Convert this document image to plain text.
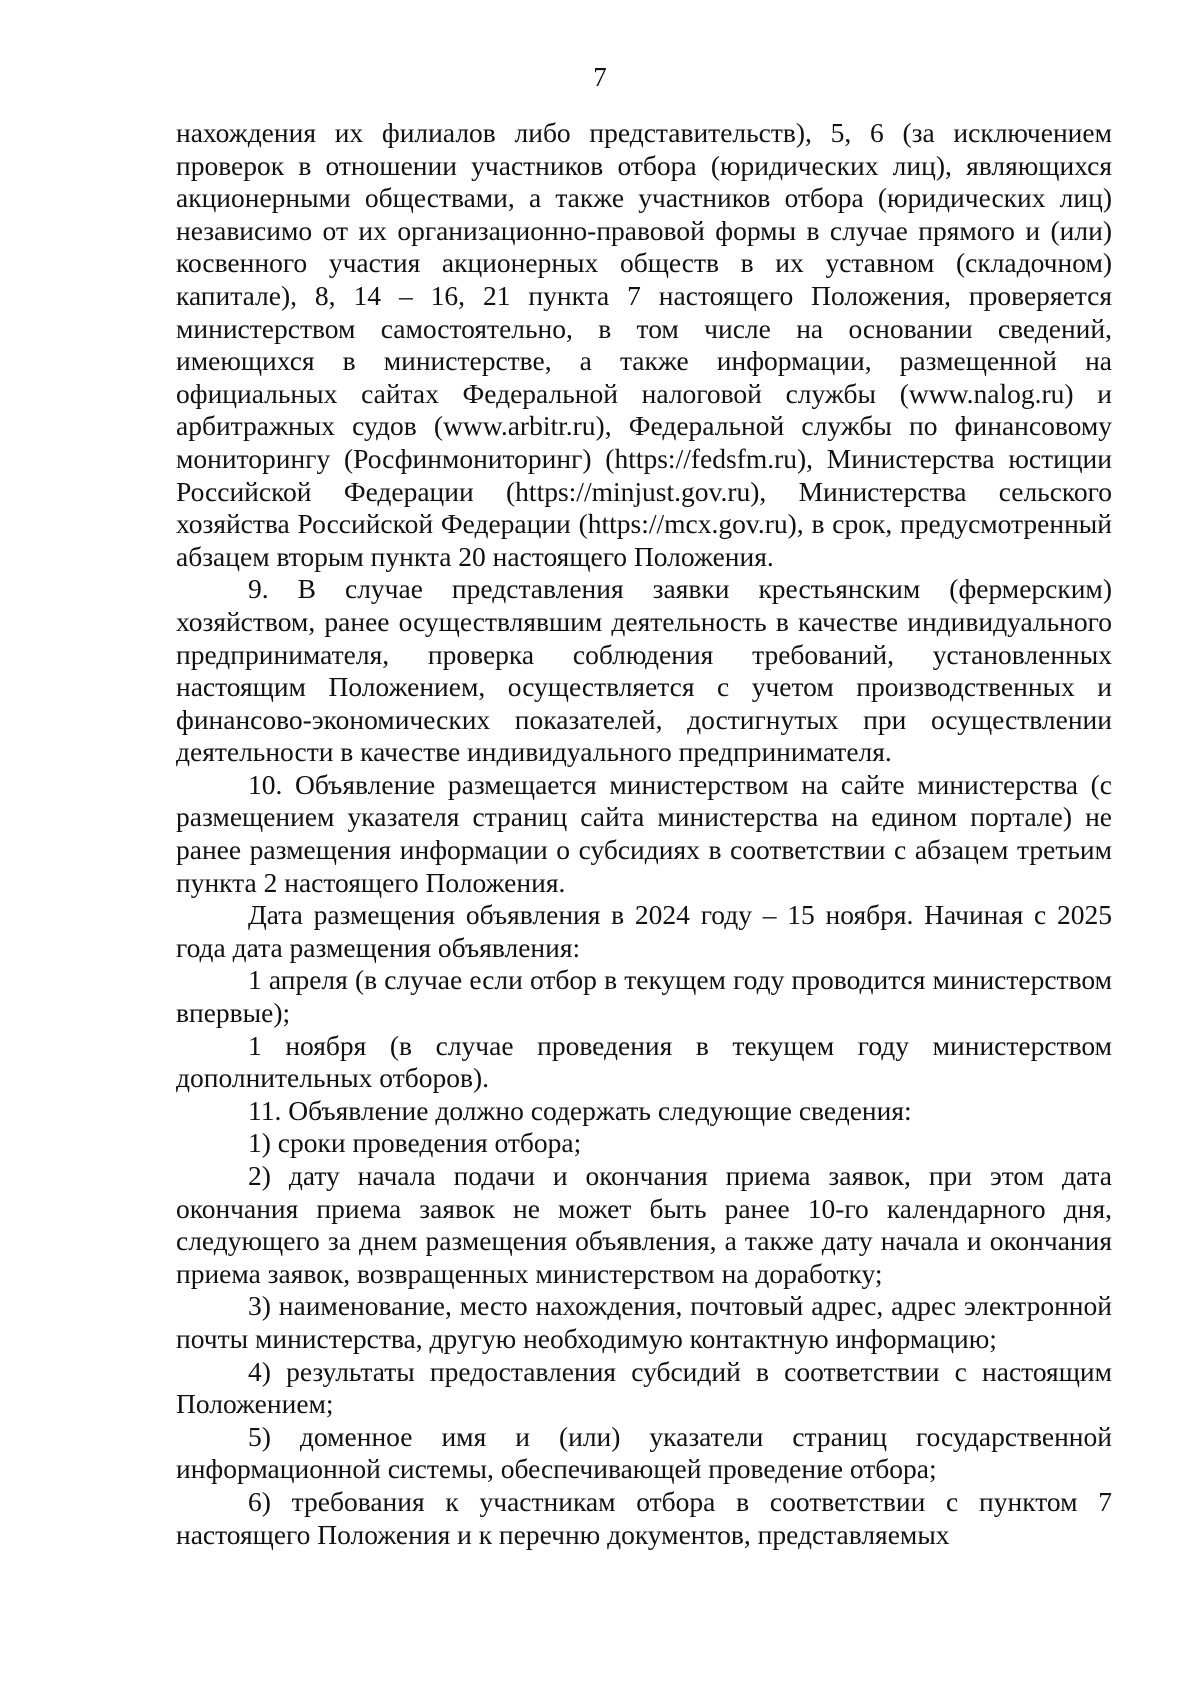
7

нахождения их филиалов либо представительств), 5, 6 (за исключением проверок в отношении участников отбора (юридических лиц), являющихся акционерными обществами, а также участников отбора (юридических лиц) независимо от их организационно-правовой формы в случае прямого и (или) косвенного участия акционерных обществ в их уставном (складочном) капитале), 8, 14 – 16, 21 пункта 7 настоящего Положения, проверяется министерством самостоятельно, в том числе на основании сведений, имеющихся в министерстве, а также информации, размещенной на официальных сайтах Федеральной налоговой службы (www.nalog.ru) и арбитражных судов (www.arbitr.ru), Федеральной службы по финансовому мониторингу (Росфинмониторинг) (https://fedsfm.ru), Министерства юстиции Российской Федерации (https://minjust.gov.ru), Министерства сельского хозяйства Российской Федерации (https://mcx.gov.ru), в срок, предусмотренный абзацем вторым пункта 20 настоящего Положения.

9. В случае представления заявки крестьянским (фермерским) хозяйством, ранее осуществлявшим деятельность в качестве индивидуального предпринимателя, проверка соблюдения требований, установленных настоящим Положением, осуществляется с учетом производственных и финансово-экономических показателей, достигнутых при осуществлении деятельности в качестве индивидуального предпринимателя.

10. Объявление размещается министерством на сайте министерства (с размещением указателя страниц сайта министерства на едином портале) не ранее размещения информации о субсидиях в соответствии с абзацем третьим пункта 2 настоящего Положения.

Дата размещения объявления в 2024 году – 15 ноября. Начиная с 2025 года дата размещения объявления:

1 апреля (в случае если отбор в текущем году проводится министерством впервые);

1 ноября (в случае проведения в текущем году министерством дополнительных отборов).

11. Объявление должно содержать следующие сведения:

1) сроки проведения отбора;

2) дату начала подачи и окончания приема заявок, при этом дата окончания приема заявок не может быть ранее 10-го календарного дня, следующего за днем размещения объявления, а также дату начала и окончания приема заявок, возвращенных министерством на доработку;

3) наименование, место нахождения, почтовый адрес, адрес электронной почты министерства, другую необходимую контактную информацию;

4) результаты предоставления субсидий в соответствии с настоящим Положением;

5) доменное имя и (или) указатели страниц государственной информационной системы, обеспечивающей проведение отбора;

6) требования к участникам отбора в соответствии с пунктом 7 настоящего Положения и к перечню документов, представляемых
